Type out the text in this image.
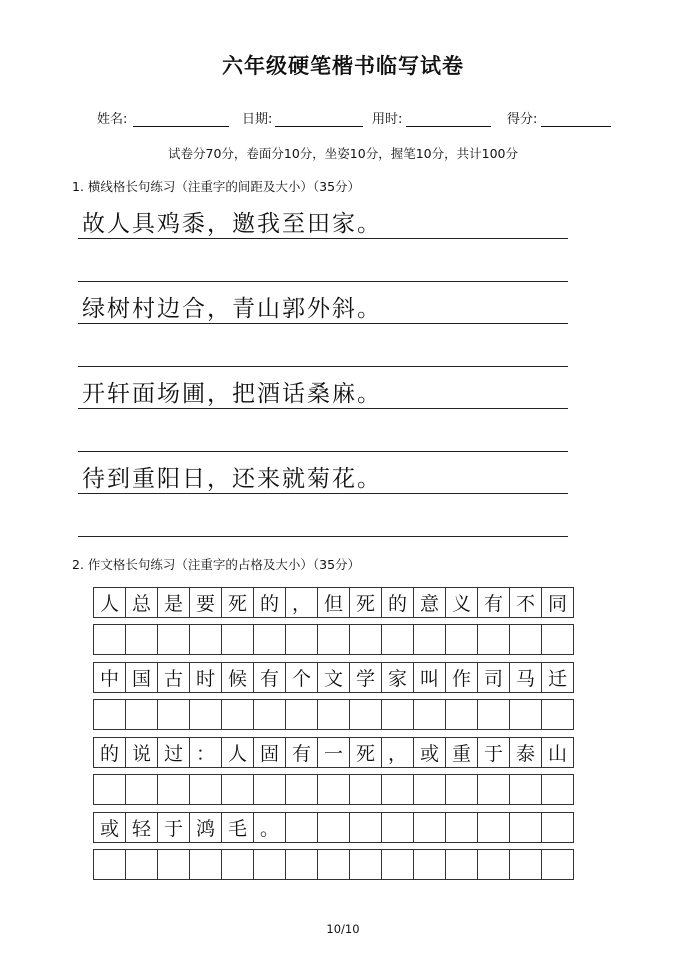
六年级硬笔楷书临写试卷
姓名:	日期:	用时:	得分:
试卷分70分，卷面分10分，坐姿10分，握笔10分，共计100分
1. 横线格长句练习（注重字的间距及大小）（35分）
故人具鸡黍，邀我至田家。
绿树村边合，青山郭外斜。
开轩面场圃，把酒话桑麻。
待到重阳日，还来就菊花。
2. 作文格长句练习（注重字的占格及大小）（35分）
人 总 是 要 死 的 ， 但 死 的 意 义 有 不 同
中 国 古 时 候 有 个 文 学 家 叫 作 司 马 迁
的 说 过 ： 人 固 有 一 死 ， 或 重 于 泰 山
或 轻 于 鸿 毛 。
10/10
